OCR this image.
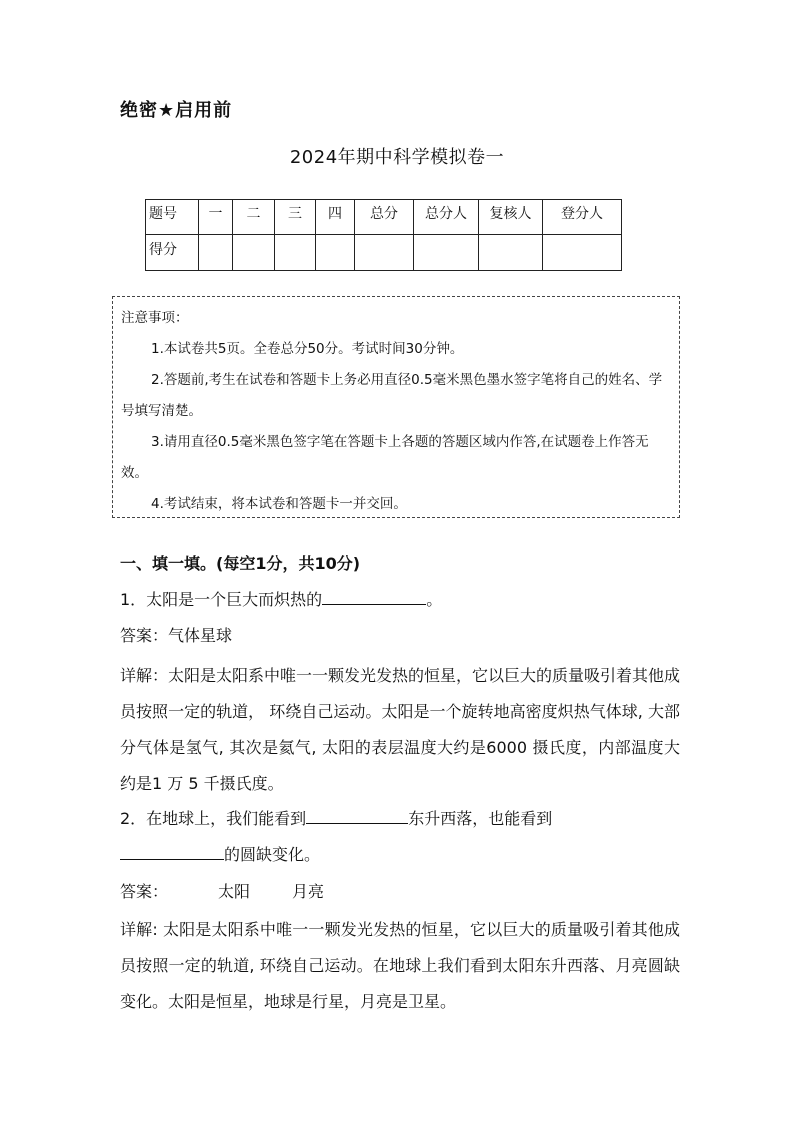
绝密★启用前
2024年期中科学模拟卷一
题号	一	二	三	四	总分	总分人	复核人	登分人
得分								

注意事项：

1.本试卷共5页。全卷总分50分。考试时间30分钟。

2.答题前,考生在试卷和答题卡上务必用直径0.5毫米黑色墨水签字笔将自己的姓名、学号填写清楚。

3.请用直径0.5毫米黑色签字笔在答题卡上各题的答题区域内作答,在试题卷上作答无效。

4.考试结束，将本试卷和答题卡一并交回。

一、填一填。(每空1分，共10分)
1．太阳是一个巨大而炽热的	。
答案：气体星球
详解：太阳是太阳系中唯一一颗发光发热的恒星，它以巨大的质量吸引着其他成员按照一定的轨道， 环绕自己运动。太阳是一个旋转地高密度炽热气体球, 大部分气体是氢气, 其次是氦气, 太阳的表层温度大约是6000 摄氏度，内部温度大约是1 万 5 千摄氏度。
2．在地球上，我们能看到	东升西落，也能看到
的圆缺变化。
答案：	太阳	月亮
详解: 太阳是太阳系中唯一一颗发光发热的恒星，它以巨大的质量吸引着其他成员按照一定的轨道, 环绕自己运动。在地球上我们看到太阳东升西落、月亮圆缺变化。太阳是恒星，地球是行星，月亮是卫星。
